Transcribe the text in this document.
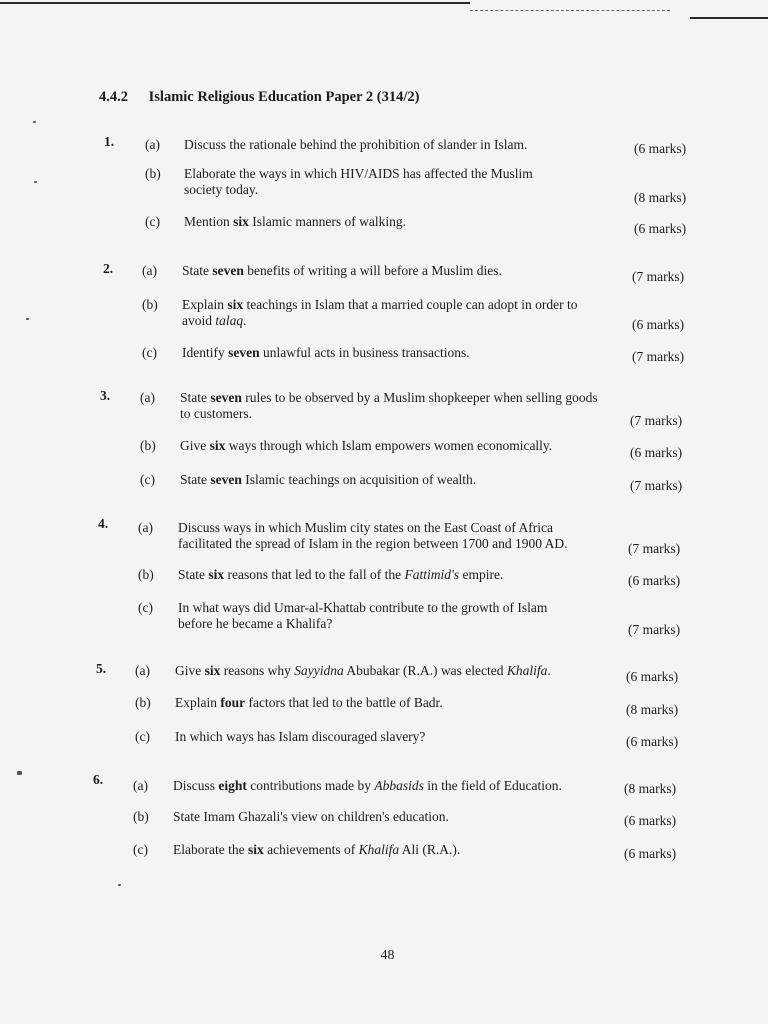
4.4.2 Islamic Religious Education Paper 2 (314/2)
1. (a) Discuss the rationale behind the prohibition of slander in Islam.	(6 marks)
(b) Elaborate the ways in which HIV/AIDS has affected the Muslim
society today.
(8 marks)
(c) Mention six Islamic manners of walking.	(6 marks)
2. (a) State seven benefits of writing a will before a Muslim dies.	(7 marks)
(b) Explain six teachings in Islam that a married couple can adopt in order to
avoid talaq.	(6 marks)
(c) Identify seven unlawful acts in business transactions.	(7 marks)
3. (a) State seven rules to be observed by a Muslim shopkeeper when selling goods
to customers.	(7 marks)
(b) Give six ways through which Islam empowers women economically.	(6 marks)
(c) State seven Islamic teachings on acquisition of wealth.	(7 marks)
4. (a) Discuss ways in which Muslim city states on the East Coast of Africa
facilitated the spread of Islam in the region between 1700 and 1900 AD.	(7 marks)
(b) State six reasons that led to the fall of the Fattimid's empire.	(6 marks)
(c) In what ways did Umar-al-Khattab contribute to the growth of Islam
before he became a Khalifa?	(7 marks)
5. (a) Give six reasons why Sayyidna Abubakar (R.A.) was elected Khalifa.	(6 marks)
(b) Explain four factors that led to the battle of Badr.	(8 marks)
(c) In which ways has Islam discouraged slavery?	(6 marks)
6. (a) Discuss eight contributions made by Abbasids in the field of Education.	(8 marks)
(b) State Imam Ghazali's view on children's education.	(6 marks)
(c) Elaborate the six achievements of Khalifa Ali (R.A.).	(6 marks)
48
